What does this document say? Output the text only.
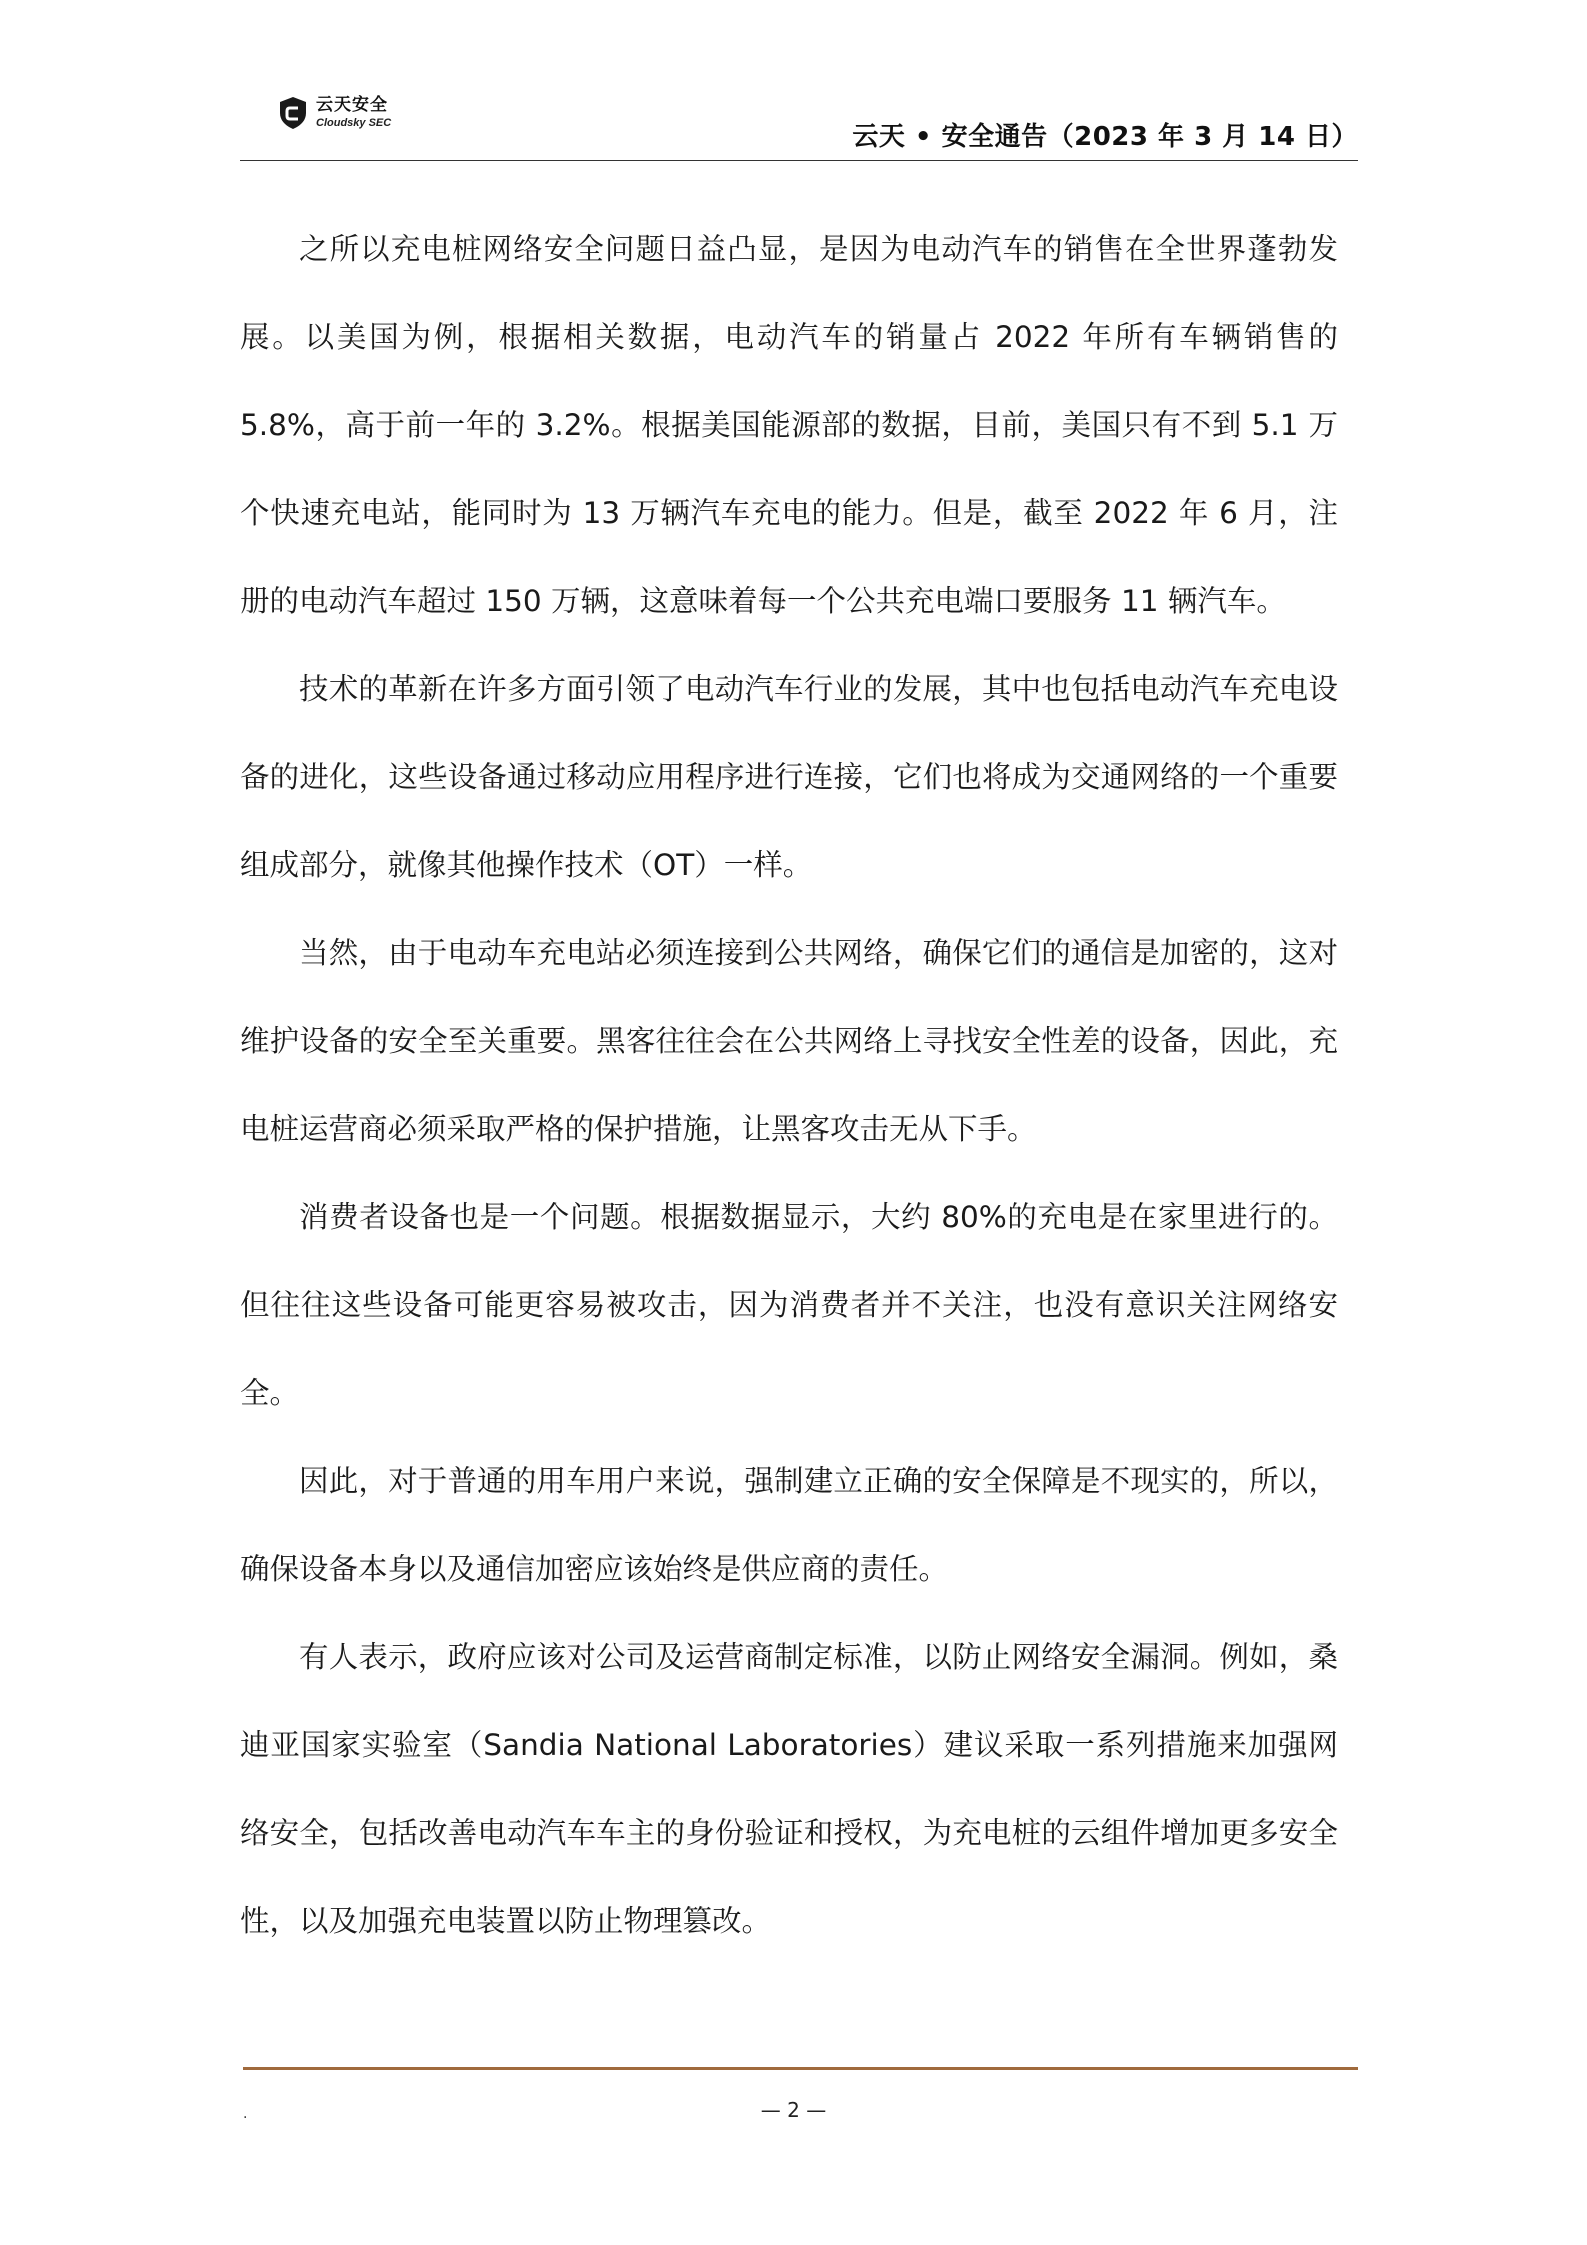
云天安全
Cloudsky SEC	云天 • 安全通告（2023 年 3 月 14 日）

之所以充电桩网络安全问题日益凸显，是因为电动汽车的销售在全世界蓬勃发展。以美国为例，根据相关数据，电动汽车的销量占 2022 年所有车辆销售的 5.8%，高于前一年的 3.2%。根据美国能源部的数据，目前，美国只有不到 5.1 万个快速充电站，能同时为 13 万辆汽车充电的能力。但是，截至 2022 年 6 月，注册的电动汽车超过 150 万辆，这意味着每一个公共充电端口要服务 11 辆汽车。

技术的革新在许多方面引领了电动汽车行业的发展，其中也包括电动汽车充电设备的进化，这些设备通过移动应用程序进行连接，它们也将成为交通网络的一个重要组成部分，就像其他操作技术（OT）一样。

当然，由于电动车充电站必须连接到公共网络，确保它们的通信是加密的，这对维护设备的安全至关重要。黑客往往会在公共网络上寻找安全性差的设备，因此，充电桩运营商必须采取严格的保护措施，让黑客攻击无从下手。

消费者设备也是一个问题。根据数据显示，大约 80%的充电是在家里进行的。但往往这些设备可能更容易被攻击，因为消费者并不关注，也没有意识关注网络安全。

因此，对于普通的用车用户来说，强制建立正确的安全保障是不现实的，所以，确保设备本身以及通信加密应该始终是供应商的责任。

有人表示，政府应该对公司及运营商制定标准，以防止网络安全漏洞。例如，桑迪亚国家实验室（Sandia National Laboratories）建议采取一系列措施来加强网络安全，包括改善电动汽车车主的身份验证和授权，为充电桩的云组件增加更多安全性，以及加强充电装置以防止物理篡改。

.	— 2 —
